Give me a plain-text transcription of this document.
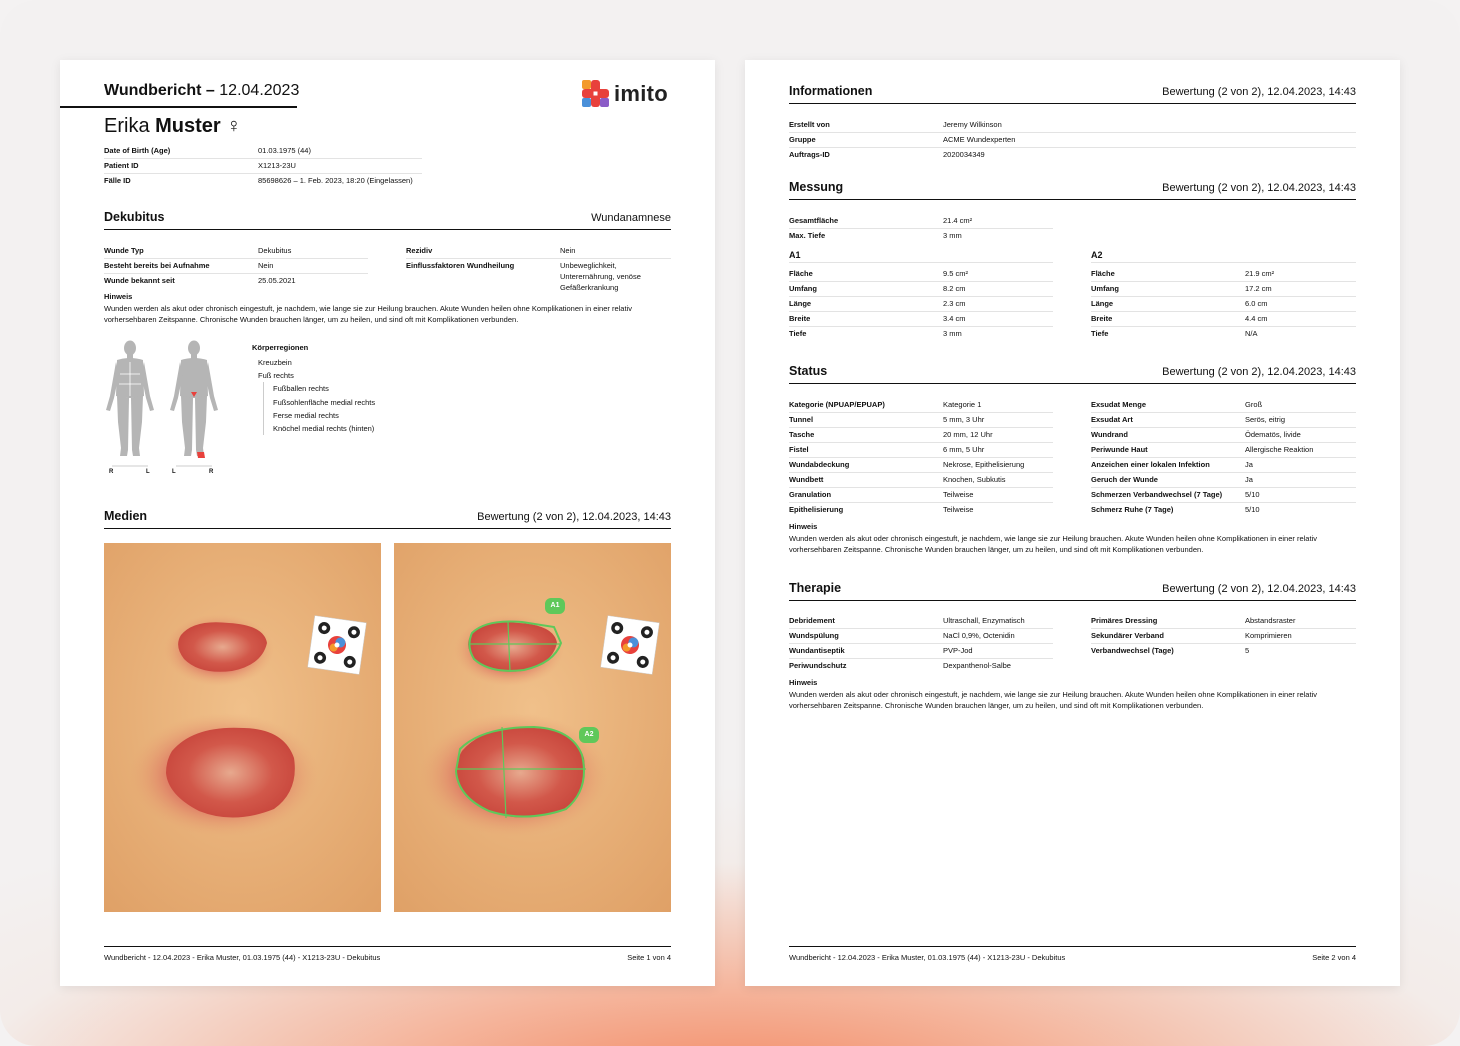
Wundbericht – 12.04.2023	imito
Erika Muster ♀
Date of Birth (Age)	01.03.1975 (44)
Patient ID	X1213-23U
Fälle ID	85698626 – 1. Feb. 2023, 18:20 (Eingelassen)
Dekubitus	Wundanamnese
Wunde Typ	Dekubitus
Besteht bereits bei Aufnahme	Nein
Wunde bekannt seit	25.05.2021
Rezidiv	Nein
Einflussfaktoren Wundheilung	Unbeweglichkeit, Unterernährung, venöse Gefäßerkrankung
Hinweis
Wunden werden als akut oder chronisch eingestuft, je nachdem, wie lange sie zur Heilung brauchen. Akute Wunden heilen ohne Komplikationen in einer relativ vorhersehbaren Zeitspanne. Chronische Wunden brauchen länger, um zu heilen, und sind oft mit Komplikationen verbunden.
R	L	L	R
Körperregionen
Kreuzbein
Fuß rechts
Fußballen rechts
Fußsohlenfläche medial rechts
Ferse medial rechts
Knöchel medial rechts (hinten)
Medien	Bewertung (2 von 2), 12.04.2023, 14:43
A1
A2
Wundbericht - 12.04.2023 - Erika Muster, 01.03.1975 (44) - X1213-23U - Dekubitus	Seite 1 von 4
Informationen	Bewertung (2 von 2), 12.04.2023, 14:43
Erstellt von	Jeremy Wilkinson
Gruppe	ACME Wundexperten
Auftrags-ID	2020034349
Messung	Bewertung (2 von 2), 12.04.2023, 14:43
Gesamtfläche	21.4 cm²
Max. Tiefe	3 mm
A1
Fläche	9.5 cm²
Umfang	8.2 cm
Länge	2.3 cm
Breite	3.4 cm
Tiefe	3 mm
A2
Fläche	21.9 cm²
Umfang	17.2 cm
Länge	6.0 cm
Breite	4.4 cm
Tiefe	N/A
Status	Bewertung (2 von 2), 12.04.2023, 14:43
Kategorie (NPUAP/EPUAP)	Kategorie 1
Tunnel	5 mm, 3 Uhr
Tasche	20 mm, 12 Uhr
Fistel	6 mm, 5 Uhr
Wundabdeckung	Nekrose, Epithelisierung
Wundbett	Knochen, Subkutis
Granulation	Teilweise
Epithelisierung	Teilweise
Exsudat Menge	Groß
Exsudat Art	Serös, eitrig
Wundrand	Ödematös, livide
Periwunde Haut	Allergische Reaktion
Anzeichen einer lokalen Infektion	Ja
Geruch der Wunde	Ja
Schmerzen Verbandwechsel (7 Tage)	5/10
Schmerz Ruhe (7 Tage)	5/10
Hinweis
Wunden werden als akut oder chronisch eingestuft, je nachdem, wie lange sie zur Heilung brauchen. Akute Wunden heilen ohne Komplikationen in einer relativ vorhersehbaren Zeitspanne. Chronische Wunden brauchen länger, um zu heilen, und sind oft mit Komplikationen verbunden.
Therapie	Bewertung (2 von 2), 12.04.2023, 14:43
Debridement	Ultraschall, Enzymatisch
Wundspülung	NaCl 0,9%, Octenidin
Wundantiseptik	PVP-Jod
Periwundschutz	Dexpanthenol-Salbe
Primäres Dressing	Abstandsraster
Sekundärer Verband	Komprimieren
Verbandwechsel (Tage)	5
Hinweis
Wunden werden als akut oder chronisch eingestuft, je nachdem, wie lange sie zur Heilung brauchen. Akute Wunden heilen ohne Komplikationen in einer relativ vorhersehbaren Zeitspanne. Chronische Wunden brauchen länger, um zu heilen, und sind oft mit Komplikationen verbunden.
Wundbericht - 12.04.2023 - Erika Muster, 01.03.1975 (44) - X1213-23U - Dekubitus	Seite 2 von 4
